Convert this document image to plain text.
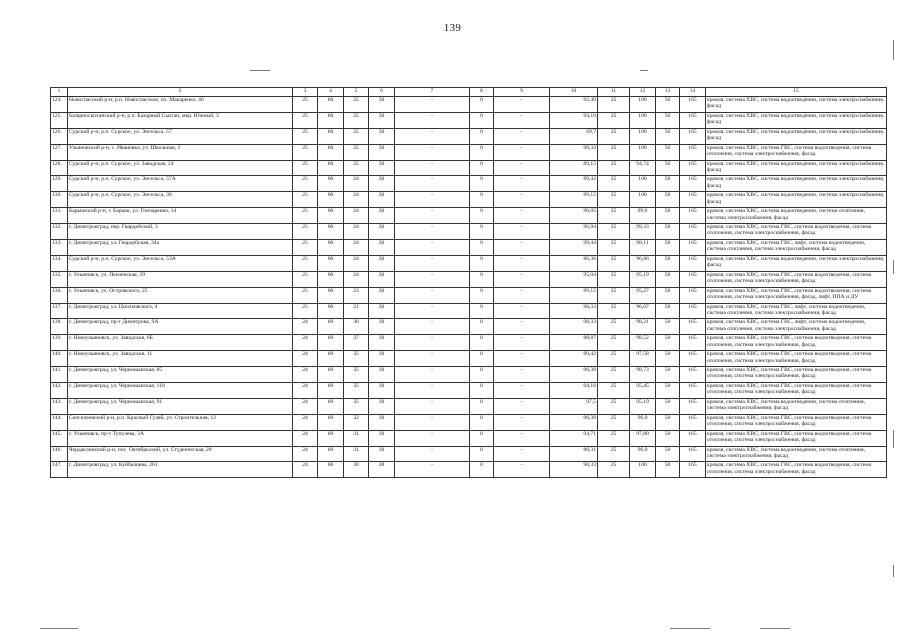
139
1	2	3	4	5	6	7	8	9	10	11	12	13	14	15
124.	Новоспасский р-н, р.п. Новоспасское, пл. Макаренко, 40	25	60	25	30	-	0	-	92,49	25	100	50	165	кровля, система ХВС, система водоотведения, система электроснабжения, фасад
125.	Базарносызганский р-н, р.п. Базарный Сызган, мкр. Южный, 3	25	60	25	30	-	0	-	94,16	25	100	50	165	кровля, система ХВС, система водоотведения, система электроснабжения, фасад
126.	Сурский р-н, р.п. Сурское, ул. Энгельса, 57	25	60	25	30	-	0	-	69,7	25	100	50	165	кровля, система ХВС, система водоотведения, система электроснабжения, фасад
127.	Ульяновский р-н, с. Ивановка, ул. Школьная, 3	25	60	25	30	-	0	-	98,33	25	100	50	165	кровля, система ХВС, система ГВС, система водоотведения, система отопления, система электроснабжения, фасад
128.	Сурский р-н, р.п. Сурское, ул. Заводская, 24	25	60	25	30	-	0	-	89,15	25	94,74	50	165	кровля, система ХВС, система водоотведения, система электроснабжения, фасад
129.	Сурский р-н, р.п. Сурское, ул. Энгельса, 57А	25	60	24	30	-	0	-	89,42	25	100	50	165	кровля, система ХВС, система водоотведения, система электроснабжения, фасад
130.	Сурский р-н, р.п. Сурское, ул. Энгельса, 36	25	60	24	30	-	0	-	89,15	25	100	50	165	кровля, система ХВС, система водоотведения, система электроснабжения, фасад
131.	Барышский р-н, г. Барыш, ул. Гончаренко, 14	25	60	24	30	-	0	-	96,05	25	99,6	50	165	кровля, система ХВС, система водоотведения, система отопления, система электроснабжения, фасад
132.	г. Димитровград, пер. Гвардейский, 3	25	60	24	30	-	0	-	96,94	25	99,33	50	165	кровля, система ХВС, система ГВС, система водоотведения, система отопления, система электроснабжения, фасад
133.	г. Димитровград, ул. Гвардейская, 34а	25	60	24	30	-	0	-	99,44	25	98,11	50	165	кровля, система ХВС, система ГВС, лифт, система водоотведения, система отопления, система электроснабжения, фасад
134.	Сурский р-н, р.п. Сурское, ул. Энгельса, 53А	25	60	24	30	-	0	-	86,36	25	96,86	50	165	кровля, система ХВС, система водоотведения, система электроснабжения, фасад
135.	г. Ульяновск, ул. Пензенская, 39	25	60	24	30	-	0	-	95,04	25	95,19	50	165	кровля, система ХВС, система ГВС, система водоотведения, система отопления, система электроснабжения, фасад
136.	г. Ульяновск, ул. Островского, 25	25	60	23	30	-	0	-	89,15	25	95,27	50	165	кровля, система ХВС, система ГВС, система водоотведения, система отопления, система электроснабжения, фасад, лифт, ППА и ДУ
137.	г. Димитровград, ул. Циолковского, 4	25	60	21	30	-	0	-	98,33	25	96,67	50	165	кровля, система ХВС, система ГВС, лифт, система водоотведения, система отопления, система электроснабжения, фасад
138.	г. Димитровград, пр-т Димитрова, 9А	24	60	38	30	-	0	-	98,33	25	98,21	50	165	кровля, система ХВС, система ГВС, лифт, система водоотведения, система отопления, система электроснабжения, фасад
139.	г. Новоульяновск, ул. Заводская, 6Б	24	60	37	30	-	0	-	88,87	25	98,52	50	165	кровля, система ХВС, система ГВС, система водоотведения, система отопления, система электроснабжения, фасад
140.	г. Новоульяновск, ул. Заводская, 11	24	60	35	30	-	0	-	89,42	25	97,58	50	165	кровля, система ХВС, система ГВС, система водоотведения, система отопления, система электроснабжения, фасад
141.	г. Димитровград, ул. Черемшанская, 85	24	60	35	30	-	0	-	96,38	25	98,73	50	165	кровля, система ХВС, система ГВС, система водоотведения, система отопления, система электроснабжения, фасад
142.	г. Димитровград, ул. Черемшанская, 118	24	60	35	30	-	0	-	94,16	25	95,45	50	165	кровля, система ХВС, система ГВС, система водоотведения, система отопления, система электроснабжения, фасад
143.	г. Димитровград, ул. Черемшанская, 91	24	60	35	30	-	0	-	97,5	25	95,19	50	165	кровля, система ХВС, система водоотведения, система отопления, система электроснабжения, фасад
144.	Сенгилеевский р-н, р.п. Красный Гуляй, ул. Строительная, 12	24	60	32	30	-	0	-	96,38	25	96,9	50	165	кровля, система ХВС, система ГВС, система водоотведения, система отопления, система электроснабжения, фасад
145.	г. Ульяновск, пр-т Тупулева, 3А	24	60	31	30	-	0	-	94,71	25	97,80	50	165	кровля, система ХВС, система ГВС, система водоотведения, система отопления, система электроснабжения, фасад
146.	Чердаклинский р-н, пос. Октябрьский, ул. Студенческая, 28	24	60	31	30	-	0	-	88,31	25	96,9	50	165	кровля, система ХВС, система водоотведения, система отопления, система электроснабжения, фасад
147.	г. Димитровград, ул. Куйбышева, 261	24	60	30	30	-	0	-	98,33	25	100	50	165	кровля, система ХВС, система ГВС, система водоотведения, система отопления, система электроснабжения, фасад
